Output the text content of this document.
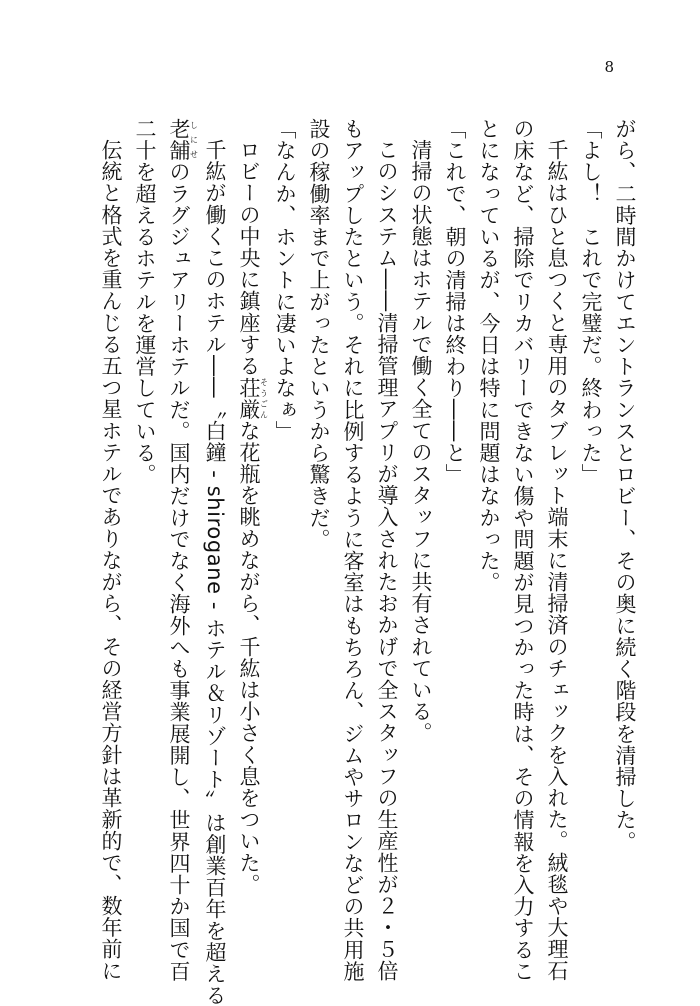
8
がら、二時間かけてエントランスとロビー、その奥に続く階段を清掃した。
「よし！　これで完璧だ。終わった」
千紘はひと息つくと専用のタブレット端末に清掃済のチェックを入れた。絨毯や大理石
の床など、掃除でリカバリーできない傷や問題が見つかった時は、その情報を入力するこ
とになっているが、今日は特に問題はなかった。
「これで、朝の清掃は終わり――と」
清掃の状態はホテルで働く全てのスタッフに共有されている。
このシステム――清掃管理アプリが導入されたおかげで全スタッフの生産性が２・５倍
もアップしたという。それに比例するように客室はもちろん、ジムやサロンなどの共用施
設の稼働率まで上がったというから驚きだ。
「なんか、ホントに凄いよなぁ」
ロビーの中央に鎮座する荘厳そうごんな花瓶を眺めながら、千紘は小さく息をついた。
千紘が働くこのホテル――〝白鐘 - shirogane - ホテル＆リゾート〟は創業百年を超える
老舗しにせのラグジュアリーホテルだ。国内だけでなく海外へも事業展開し、世界四十か国で百
二十を超えるホテルを運営している。
伝統と格式を重んじる五つ星ホテルでありながら、その経営方針は革新的で、数年前に
